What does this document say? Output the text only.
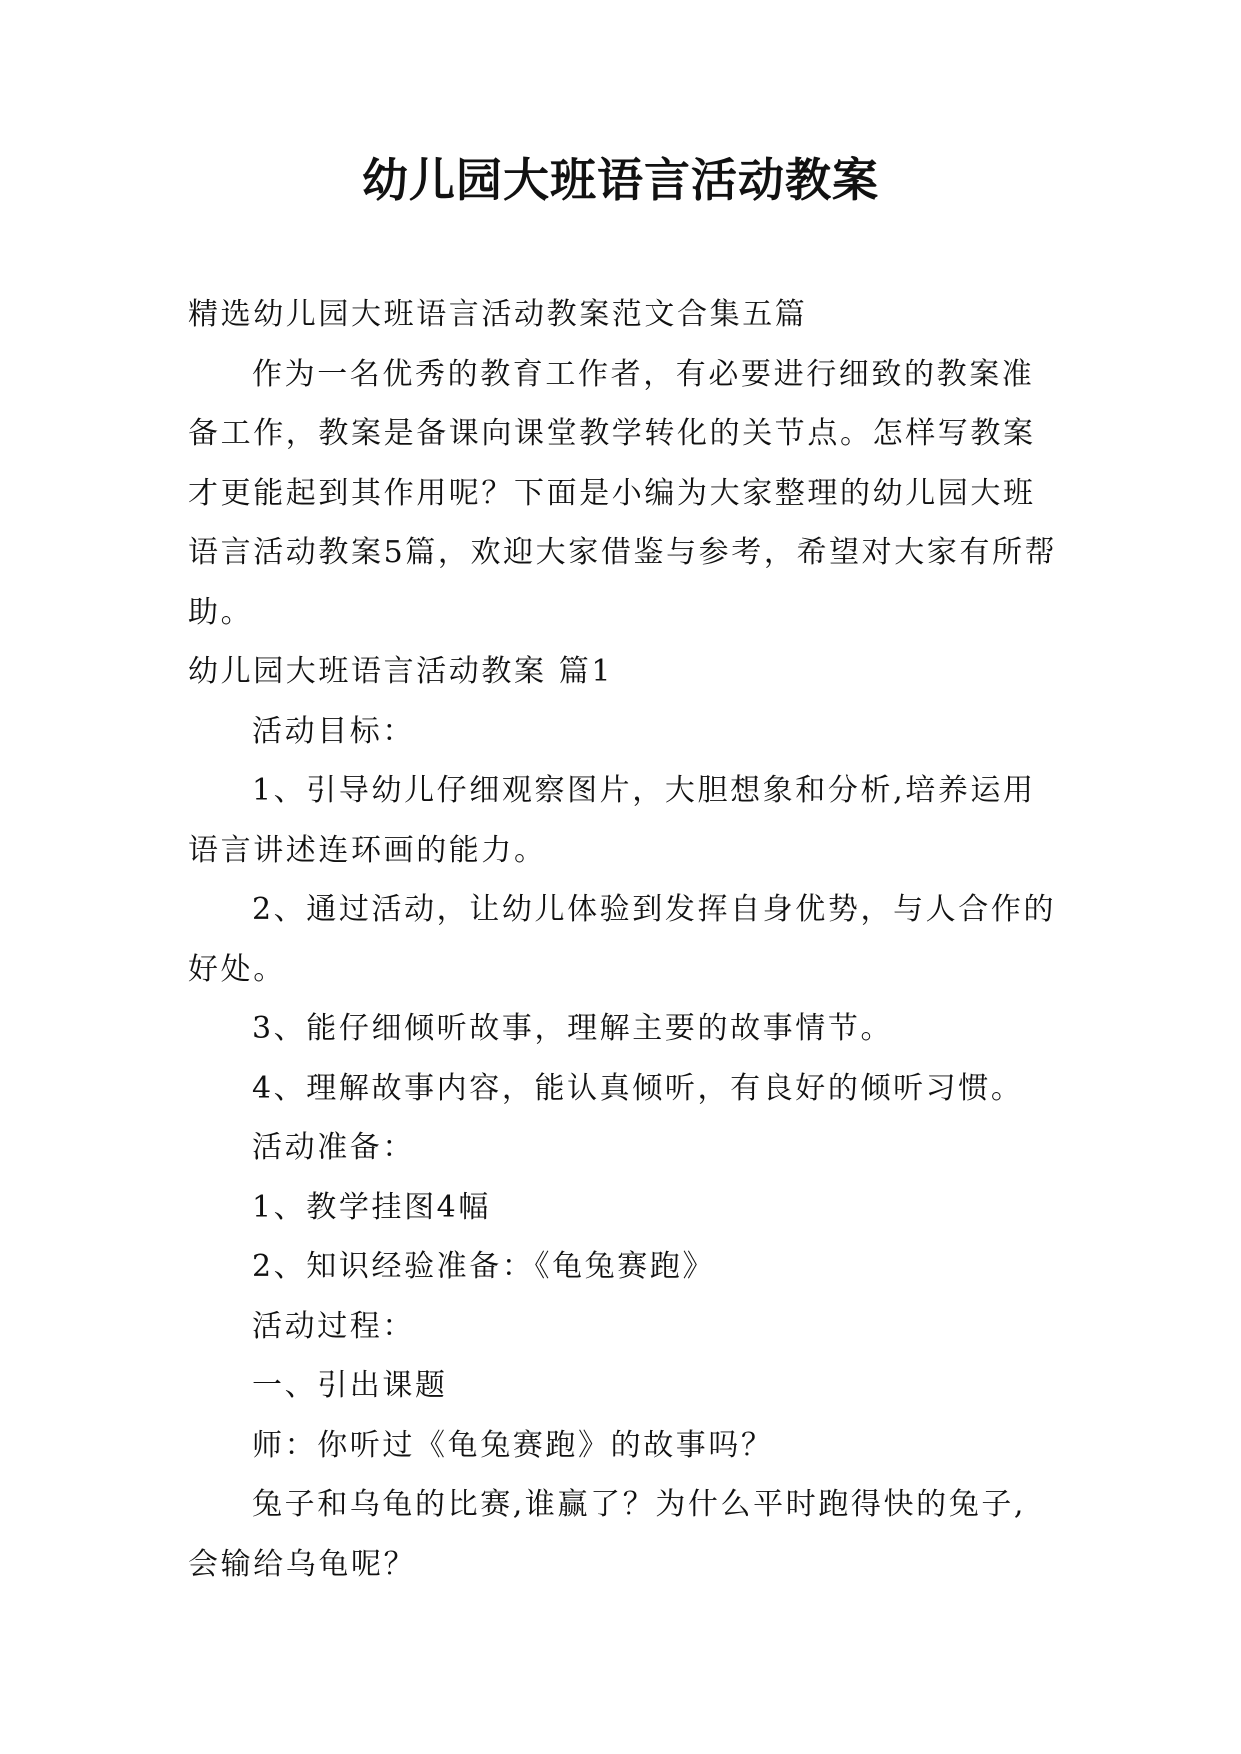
幼儿园大班语言活动教案

精选幼儿园大班语言活动教案范文合集五篇

作为一名优秀的教育工作者，有必要进行细致的教案准备工作，教案是备课向课堂教学转化的关节点。怎样写教案才更能起到其作用呢？下面是小编为大家整理的幼儿园大班语言活动教案5篇，欢迎大家借鉴与参考，希望对大家有所帮助。

幼儿园大班语言活动教案 篇1

活动目标：

1、引导幼儿仔细观察图片，大胆想象和分析,培养运用语言讲述连环画的能力。

2、通过活动，让幼儿体验到发挥自身优势，与人合作的好处。

3、能仔细倾听故事，理解主要的故事情节。

4、理解故事内容，能认真倾听，有良好的倾听习惯。

活动准备：

1、教学挂图4幅

2、知识经验准备：《龟兔赛跑》

活动过程：

一、引出课题

师：你听过《龟兔赛跑》的故事吗？

兔子和乌龟的比赛,谁赢了？为什么平时跑得快的兔子,会输给乌龟呢？
